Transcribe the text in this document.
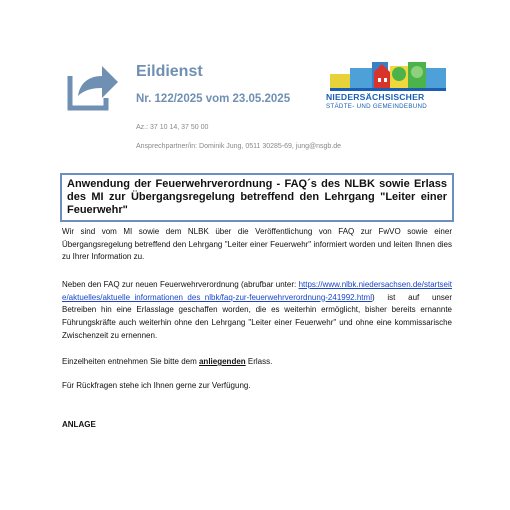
Eildienst
Nr. 122/2025 vom 23.05.2025
Az.: 37 10 14, 37 50 00
Ansprechpartner/in: Dominik Jung, 0511 30285-69, jung@nsgb.de
NIEDERSÄCHSISCHER
STÄDTE- UND GEMEINDEBUND
Anwendung der Feuerwehrverordnung - FAQ´s des NLBK sowie Erlass des MI zur Übergangsregelung betreffend den Lehrgang "Leiter einer Feuerwehr"
Wir sind vom MI sowie dem NLBK über die Veröffentlichung von FAQ zur FwVO sowie einer Übergangsregelung betreffend den Lehrgang "Leiter einer Feuerwehr" informiert worden und leiten Ihnen dies zu Ihrer Information zu.
Neben den FAQ zur neuen Feuerwehrverordnung (abrufbar unter: https://www.nlbk.niedersachsen.de/startseite/aktuelles/aktuelle_informationen_des_nlbk/faq-zur-feuerwehrverordnung-241992.html) ist auf unser Betreiben hin eine Erlasslage geschaffen worden, die es weiterhin ermöglicht, bisher bereits ernannte Führungskräfte auch weiterhin ohne den Lehrgang "Leiter einer Feuerwehr" und ohne eine kommissarische Zwischenzeit zu ernennen.
Einzelheiten entnehmen Sie bitte dem anliegenden Erlass.
Für Rückfragen stehe ich Ihnen gerne zur Verfügung.
ANLAGE
